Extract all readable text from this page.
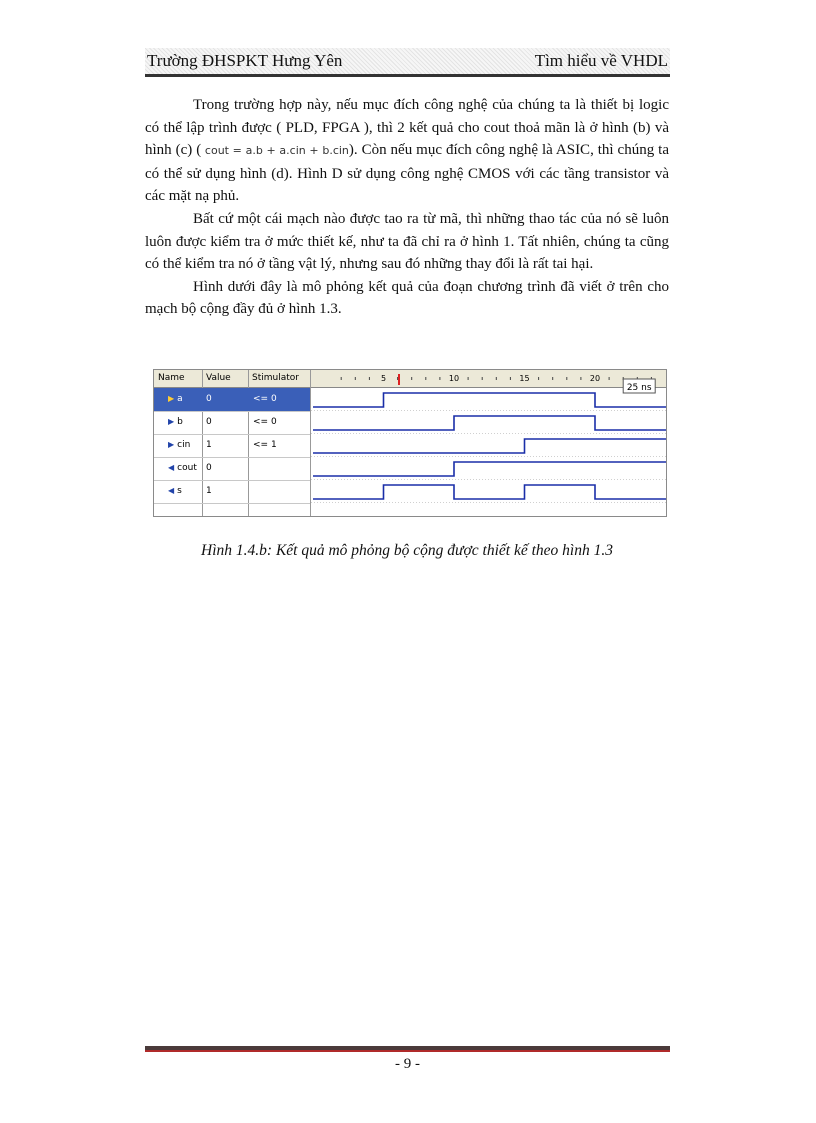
Trường ĐHSPKT Hưng Yên	Tìm hiểu về VHDL

Trong trường hợp này, nếu mục đích công nghệ của chúng ta là thiết bị logic có thể lập trình được ( PLD, FPGA ), thì 2 kết quả cho cout thoả mãn là ở hình (b) và hình (c) ( cout = a.b + a.cin + b.cin). Còn nếu mục đích công nghệ là ASIC, thì chúng ta có thể sử dụng hình (d). Hình D sử dụng công nghệ CMOS với các tầng transistor và các mặt nạ phủ.

Bất cứ một cái mạch nào được tao ra từ mã, thì những thao tác của nó sẽ luôn luôn được kiểm tra ở mức thiết kế, như ta đã chỉ ra ở hình 1. Tất nhiên, chúng ta cũng có thể kiểm tra nó ở tầng vật lý, nhưng sau đó những thay đổi là rất tai hại.

Hình dưới đây là mô phỏng kết quả của đoạn chương trình đã viết ở trên cho mạch bộ cộng đầy đủ ở hình 1.3.

Name Value Stimulator
▶ a	0	<= 0
▶ b	0	<= 0
▶ cin 1	<= 1
◀ cout 0
◀ s	1
5	10	15	20
25 ns
Hình 1.4.b: Kết quả mô phỏng bộ cộng được thiết kế theo hình 1.3
- 9 -
